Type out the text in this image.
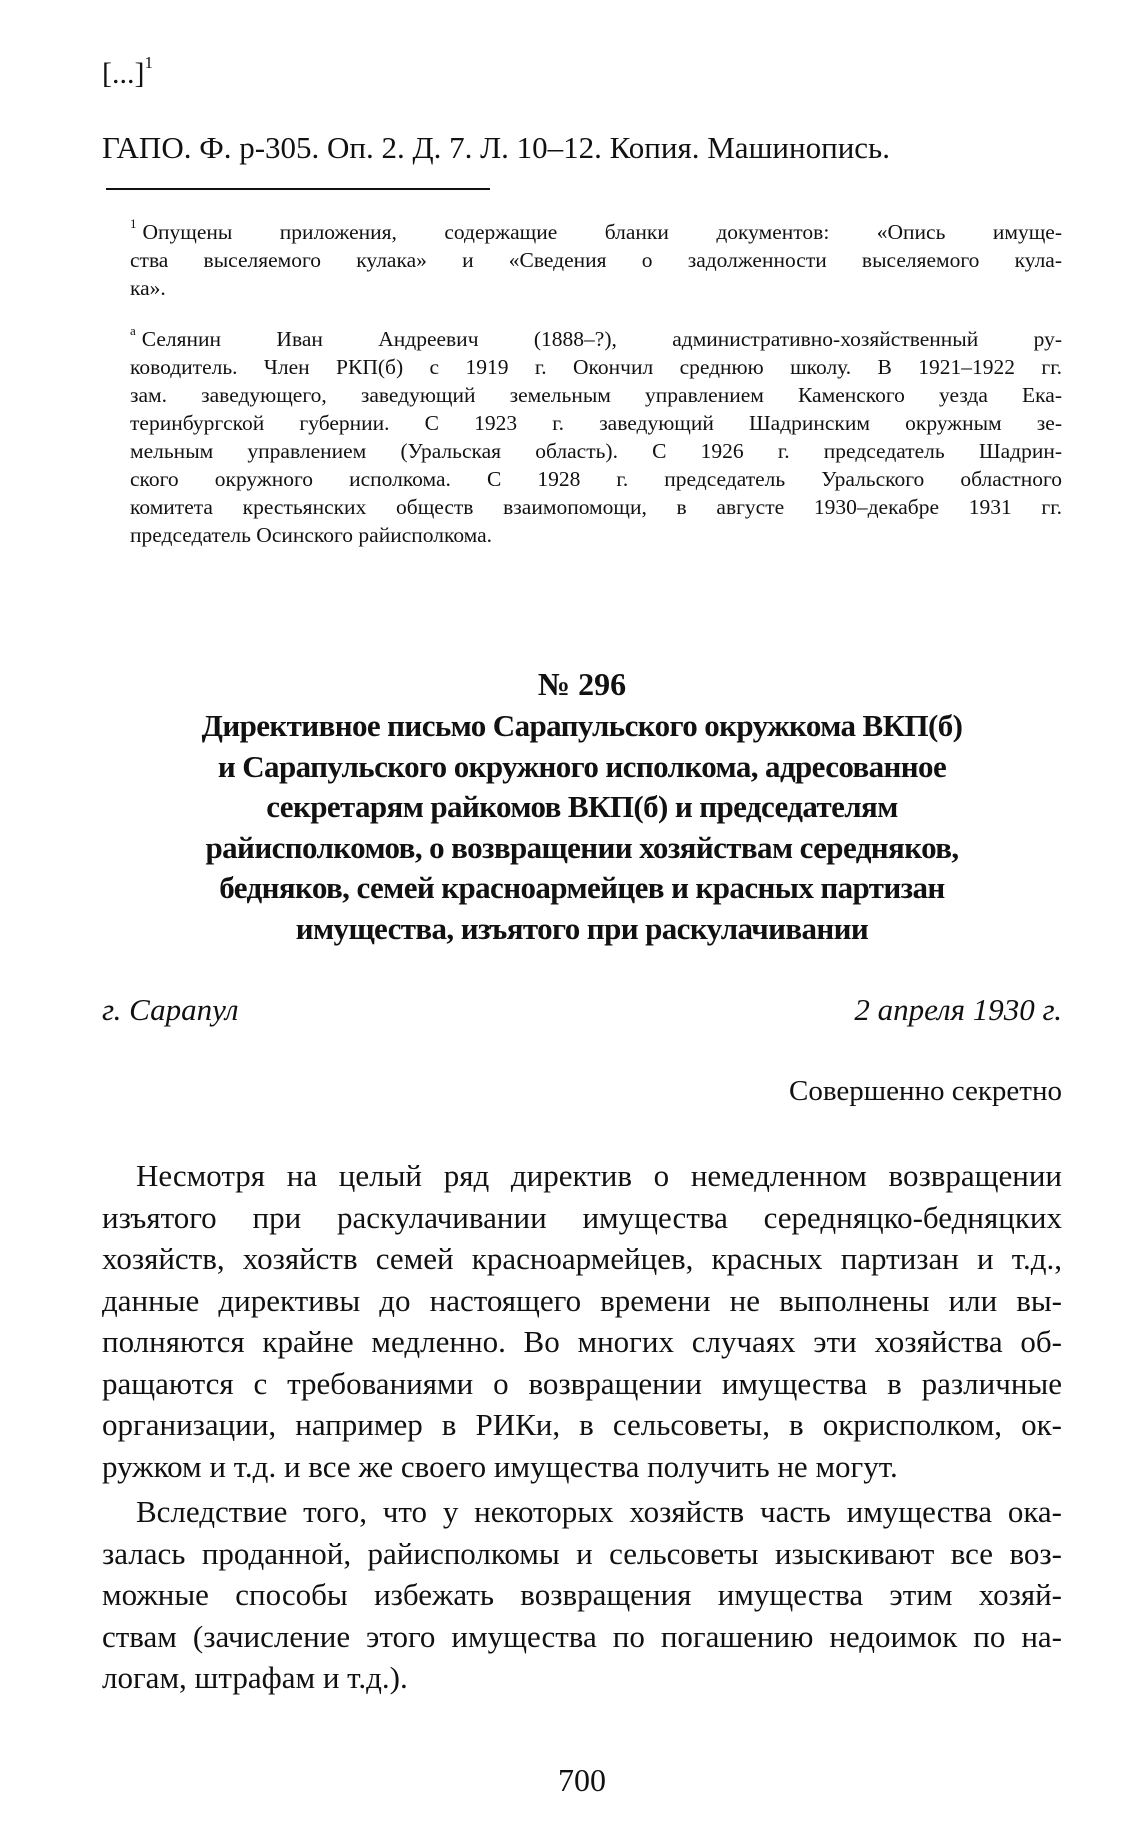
[...]$^1$
ГАПО. Ф. р-305. Оп. 2. Д. 7. Л. 10–12. Копия. Машинопись.

$^1$ Опущены приложения, содержащие бланки документов: «Опись имуще-
ства выселяемого кулака» и «Сведения о задолженности выселяемого кула-
ка».

$^а$ Селянин Иван Андреевич (1888–?), административно-хозяйственный ру-
ководитель. Член РКП(б) с 1919 г. Окончил среднюю школу. В 1921–1922 гг.
зам. заведующего, заведующий земельным управлением Каменского уезда Ека-
теринбургской губернии. С 1923 г. заведующий Шадринским окружным зе-
мельным управлением (Уральская область). С 1926 г. председатель Шадрин-
ского окружного исполкома. С 1928 г. председатель Уральского областного
комитета крестьянских обществ взаимопомощи, в августе 1930–декабре 1931 гг.
председатель Осинского райисполкома.

№ 296
Директивное письмо Сарапульского окружкома ВКП(б)
и Сарапульского окружного исполкома, адресованное
секретарям райкомов ВКП(б) и председателям
райисполкомов, о возвращении хозяйствам середняков,
бедняков, семей красноармейцев и красных партизан
имущества, изъятого при раскулачивании
г. Сарапул	2 апреля 1930 г.
Совершенно секретно

Несмотря на целый ряд директив о немедленном возвращении
изъятого при раскулачивании имущества середняцко-бедняцких
хозяйств, хозяйств семей красноармейцев, красных партизан и т.д.,
данные директивы до настоящего времени не выполнены или вы-
полняются крайне медленно. Во многих случаях эти хозяйства об-
ращаются с требованиями о возвращении имущества в различные
организации, например в РИКи, в сельсоветы, в окрисполком, ок-
ружком и т.д. и все же своего имущества получить не могут.

Вследствие того, что у некоторых хозяйств часть имущества ока-
залась проданной, райисполкомы и сельсоветы изыскивают все воз-
можные способы избежать возвращения имущества этим хозяй-
ствам (зачисление этого имущества по погашению недоимок по на-
логам, штрафам и т.д.).

700
